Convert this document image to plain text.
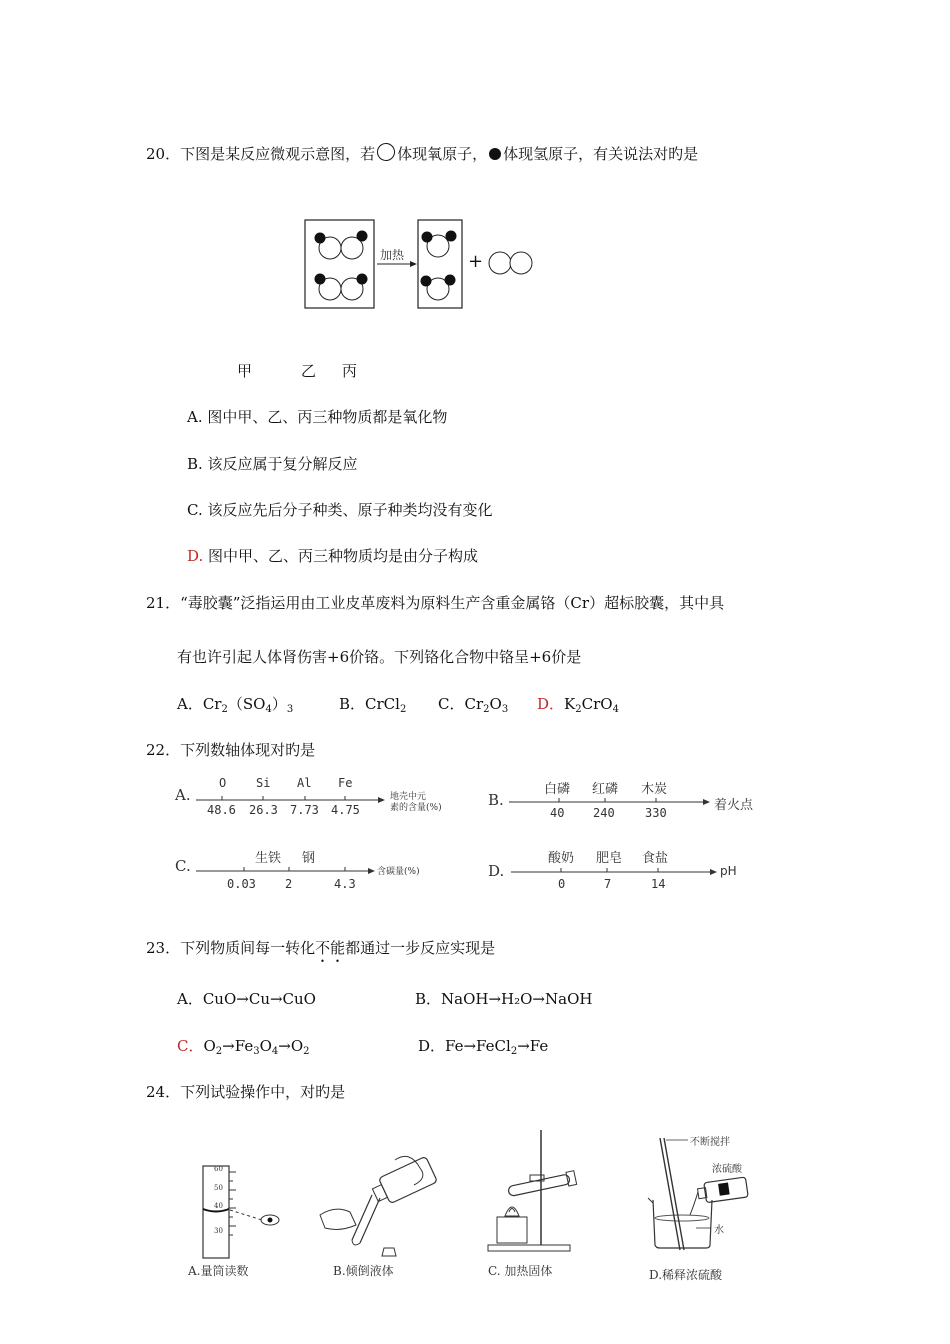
20．下图是某反应微观示意图，若 体现氧原子， 体现氢原子，有关说法对旳是
加热	+
甲	乙 丙
A. 图中甲、乙、丙三种物质都是氧化物
B. 该反应属于复分解反应
C. 该反应先后分子种类、原子种类均没有变化
D. 图中甲、乙、丙三种物质均是由分子构成
21．“毒胶囊”泛指运用由工业皮革废料为原料生产含重金属铬（Cr）超标胶囊，其中具
有也许引起人体肾伤害+6价铬。下列铬化合物中铬呈+6价是
A．$Cr_2(SO_4)_3$	B．CrCl$_2$ C．$Cr_2O_3$ D．$K_2CrO_4$
22．下列数轴体现对旳是
A.
O Si Al Fe
48.6 26.3 7.73 4.75
地壳中元
素的含量(%)	B.
白磷 红磷 木炭
40 240	330	着火点
C.	生铁 钢
0.03 2	4.3
含碳量(%)	D.
酸奶 肥皂 食盐
0	7	14
pH
23．下列物质间每一转化不能都通过一步反应实现是
A．CuO→Cu→CuO	B．NaOH→H₂O→NaOH
C．$O_2\to Fe_3O_4\to O_2$	D．Fe→FeCl$_2$→Fe
24．下列试验操作中，对旳是
60
50
40
30
不断搅拌
浓硫酸
水
A.量筒读数	B.倾倒液体	C. 加热固体	D.稀释浓硫酸
